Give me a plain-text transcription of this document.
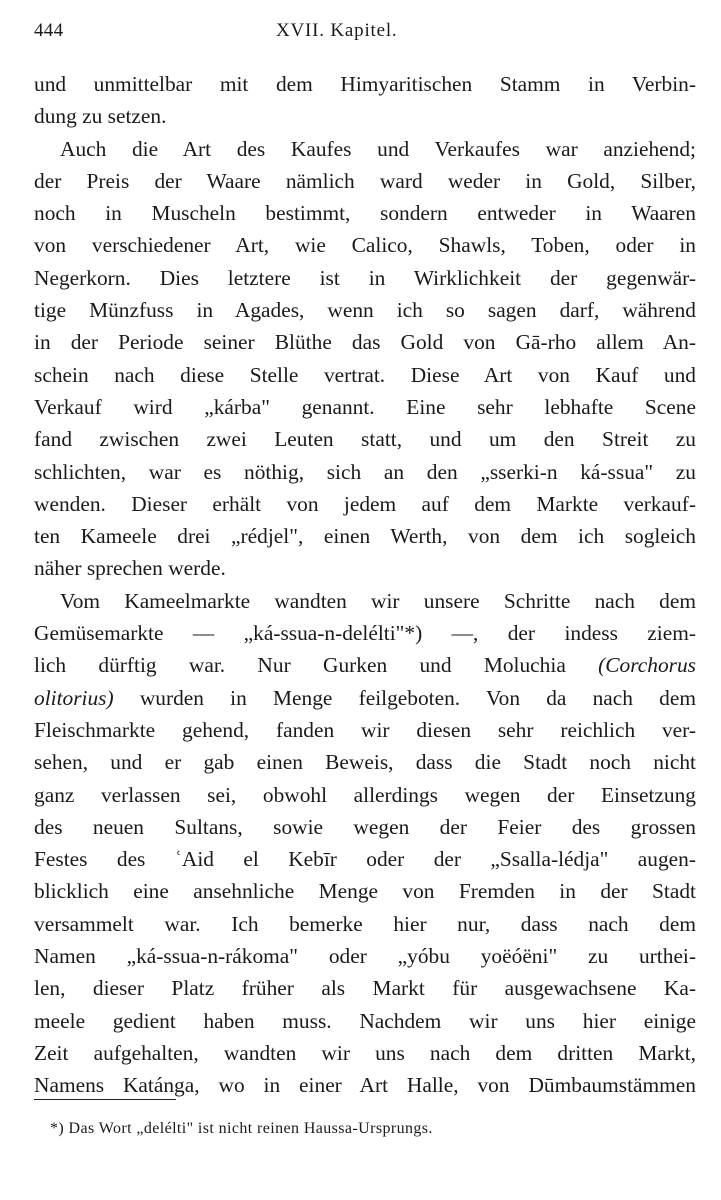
444	XVII. Kapitel.
und unmittelbar mit dem Himyaritischen Stamm in Verbin-
dung zu setzen.
Auch die Art des Kaufes und Verkaufes war anziehend;
der Preis der Waare nämlich ward weder in Gold, Silber,
noch in Muscheln bestimmt, sondern entweder in Waaren
von verschiedener Art, wie Calico, Shawls, Toben, oder in
Negerkorn. Dies letztere ist in Wirklichkeit der gegenwär-
tige Münzfuss in Agades, wenn ich so sagen darf, während
in der Periode seiner Blüthe das Gold von Gā-rho allem An-
schein nach diese Stelle vertrat. Diese Art von Kauf und
Verkauf wird „kárba" genannt. Eine sehr lebhafte Scene
fand zwischen zwei Leuten statt, und um den Streit zu
schlichten, war es nöthig, sich an den „sserki-n ká-ssua" zu
wenden. Dieser erhält von jedem auf dem Markte verkauf-
ten Kameele drei „rédjel", einen Werth, von dem ich sogleich
näher sprechen werde.
Vom Kameelmarkte wandten wir unsere Schritte nach dem
Gemüsemarkte — „ká-ssua-n-delélti"*) —, der indess ziem-
lich dürftig war. Nur Gurken und Moluchia (Corchorus
olitorius) wurden in Menge feilgeboten. Von da nach dem
Fleischmarkte gehend, fanden wir diesen sehr reichlich ver-
sehen, und er gab einen Beweis, dass die Stadt noch nicht
ganz verlassen sei, obwohl allerdings wegen der Einsetzung
des neuen Sultans, sowie wegen der Feier des grossen
Festes des ʿAid el Kebīr oder der „Ssalla-lédja" augen-
blicklich eine ansehnliche Menge von Fremden in der Stadt
versammelt war. Ich bemerke hier nur, dass nach dem
Namen „ká-ssua-n-rákoma" oder „yóbu yoëóëni" zu urthei-
len, dieser Platz früher als Markt für ausgewachsene Ka-
meele gedient haben muss. Nachdem wir uns hier einige
Zeit aufgehalten, wandten wir uns nach dem dritten Markt,
Namens Katánga, wo in einer Art Halle, von Dūmbaumstämmen
*) Das Wort „delélti" ist nicht reinen Haussa-Ursprungs.
